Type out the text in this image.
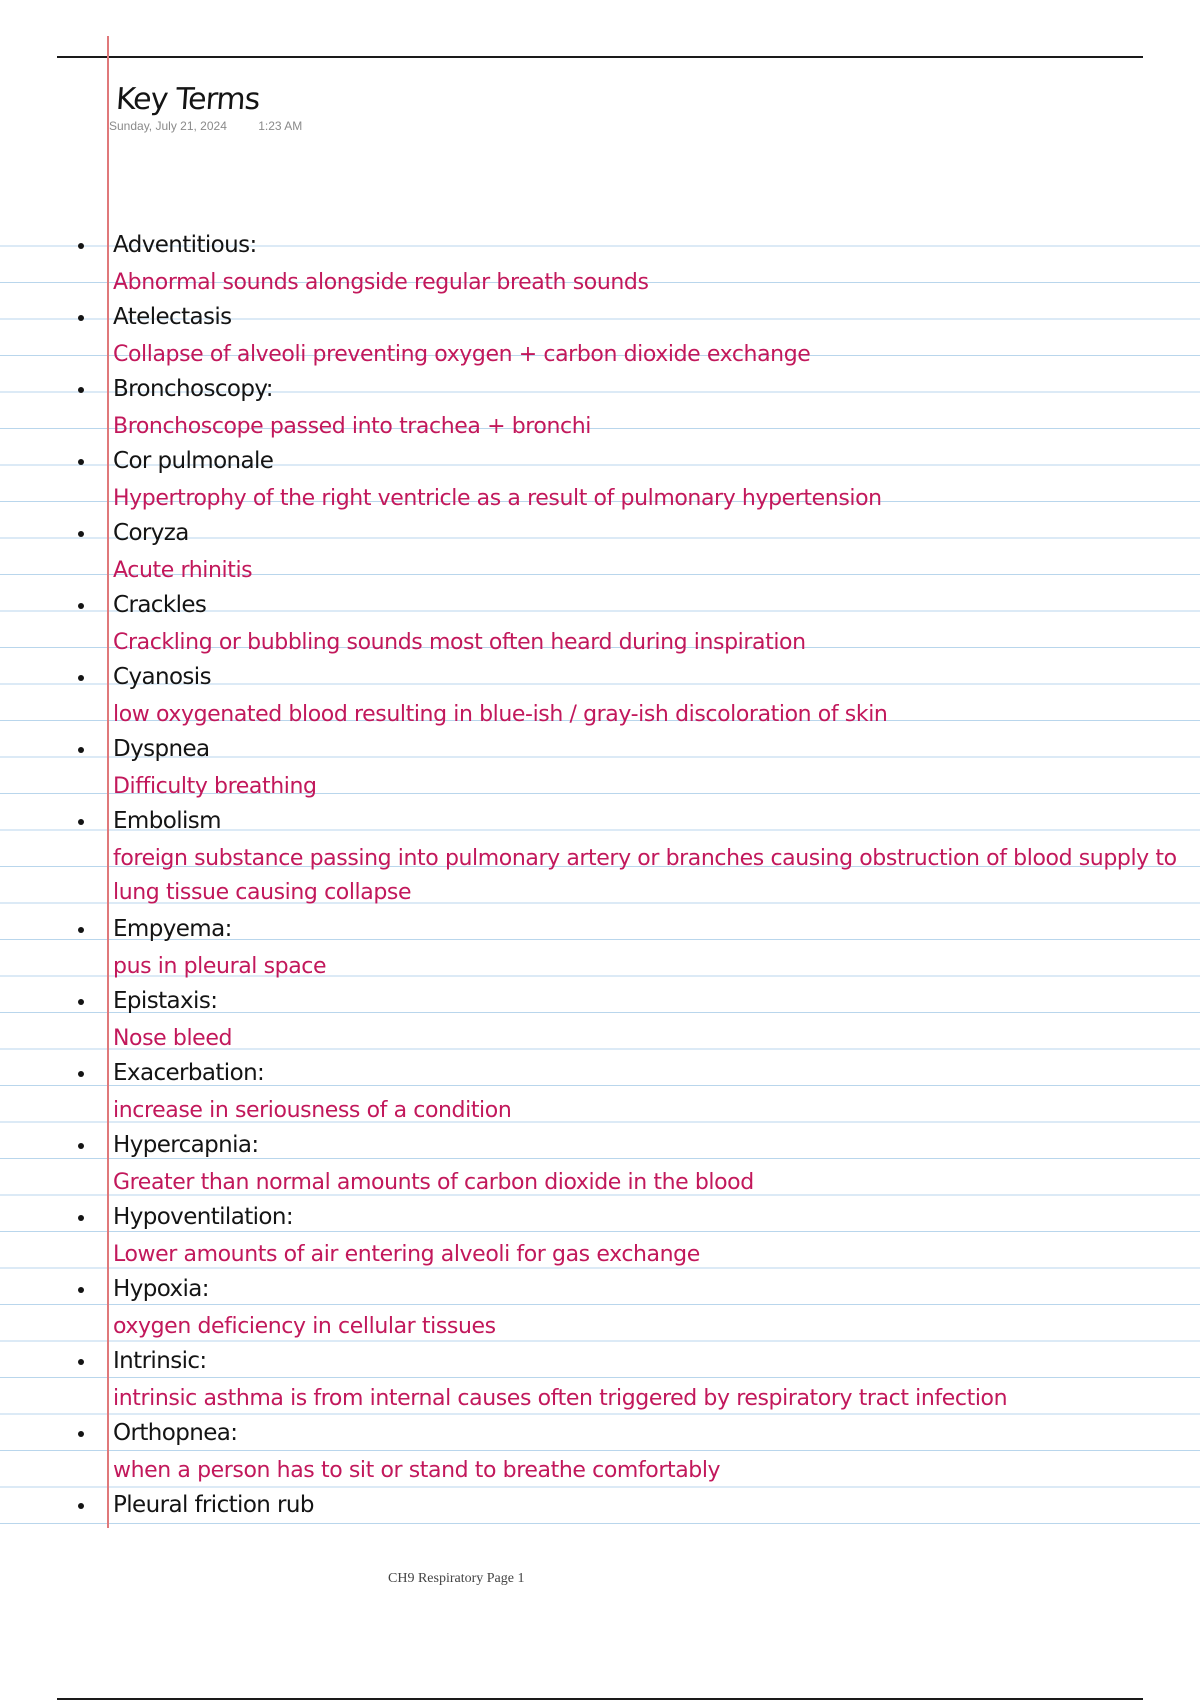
Key Terms
Sunday, July 21, 2024	1:23 AM
Adventitious:
Abnormal sounds alongside regular breath sounds
Atelectasis
Collapse of alveoli preventing oxygen + carbon dioxide exchange
Bronchoscopy:
Bronchoscope passed into trachea + bronchi
Cor pulmonale
Hypertrophy of the right ventricle as a result of pulmonary hypertension
Coryza
Acute rhinitis
Crackles
Crackling or bubbling sounds most often heard during inspiration
Cyanosis
low oxygenated blood resulting in blue-ish / gray-ish discoloration of skin
Dyspnea
Difficulty breathing
Embolism
foreign substance passing into pulmonary artery or branches causing obstruction of blood supply to lung tissue causing collapse
Empyema:
pus in pleural space
Epistaxis:
Nose bleed
Exacerbation:
increase in seriousness of a condition
Hypercapnia:
Greater than normal amounts of carbon dioxide in the blood
Hypoventilation:
Lower amounts of air entering alveoli for gas exchange
Hypoxia:
oxygen deficiency in cellular tissues
Intrinsic:
intrinsic asthma is from internal causes often triggered by respiratory tract infection
Orthopnea:
when a person has to sit or stand to breathe comfortably
Pleural friction rub
CH9 Respiratory Page 1
